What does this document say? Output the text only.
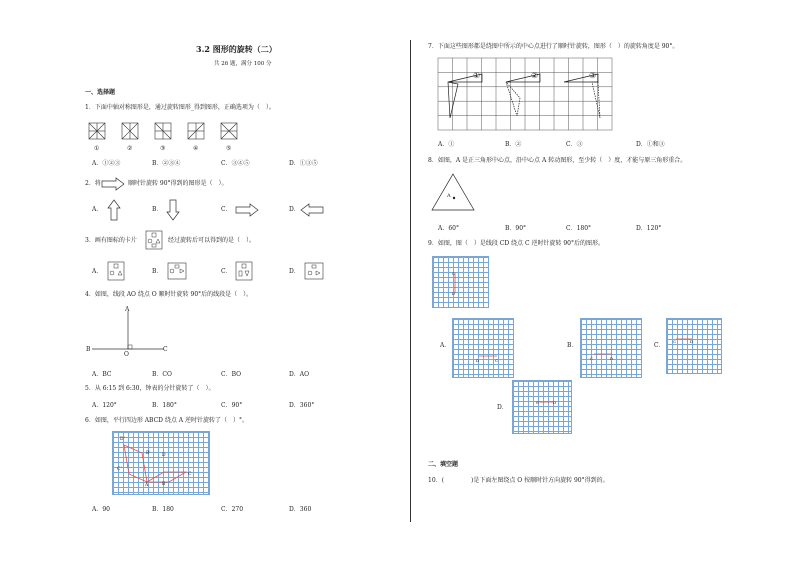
3.2 图形的旋转（二）
共 26 题，满分 100 分
一、选择题
1．下面中轴对称图形是，通过旋转图形_得到图形，正确选项为（　）。
①	②	③	④	⑤
A．①②③	B．②③④	C．③④⑤	D．①③⑤
2．将	顺时针旋转 90°得到的图形是（　）。
A．	B．	C．	D．
3．画有图标的卡片	经过旋转后可以得到的是（　）。
A．	B．	C．	D．
4．如图，线段 AO 绕点 O 顺时针旋转 90°后的线段是（　）。
A
B
O
C
A．BC	B．CO	C．BO	D．AO
5．从 6:15 到 6:30，钟表的分针旋转了（　）。
A．120°	B．180°	C．90°	D．360°
6．如图，平行四边形 ABCD 绕点 A 逆时针旋转了（　）°。
D'
B'	D
C'
C
B
A
A．90	B．180	C．270	D．360
7．下面这些图形都是绕图中所示的中心点进行了顺时针旋转，图形（　）的旋转角度是 90°。
①	②	③
A．①	B．②	C．③	D．①和③
8．如图，A 是正三角形中心点，沿中心点 A 转动图形，至少转（　）度，才能与原三角形重合。
A
A．60°	B．90°	C．180°	D．120°
9．如图，图（　）是线段 CD 绕点 C 逆时针旋转 90°后的图形。
C
D
A．
D	C
B．
C	D
C．
C	D
D．
C	D
二、填空题
10．(	)是下面左图绕点 O 按顺时针方向旋转 90°得到的。
